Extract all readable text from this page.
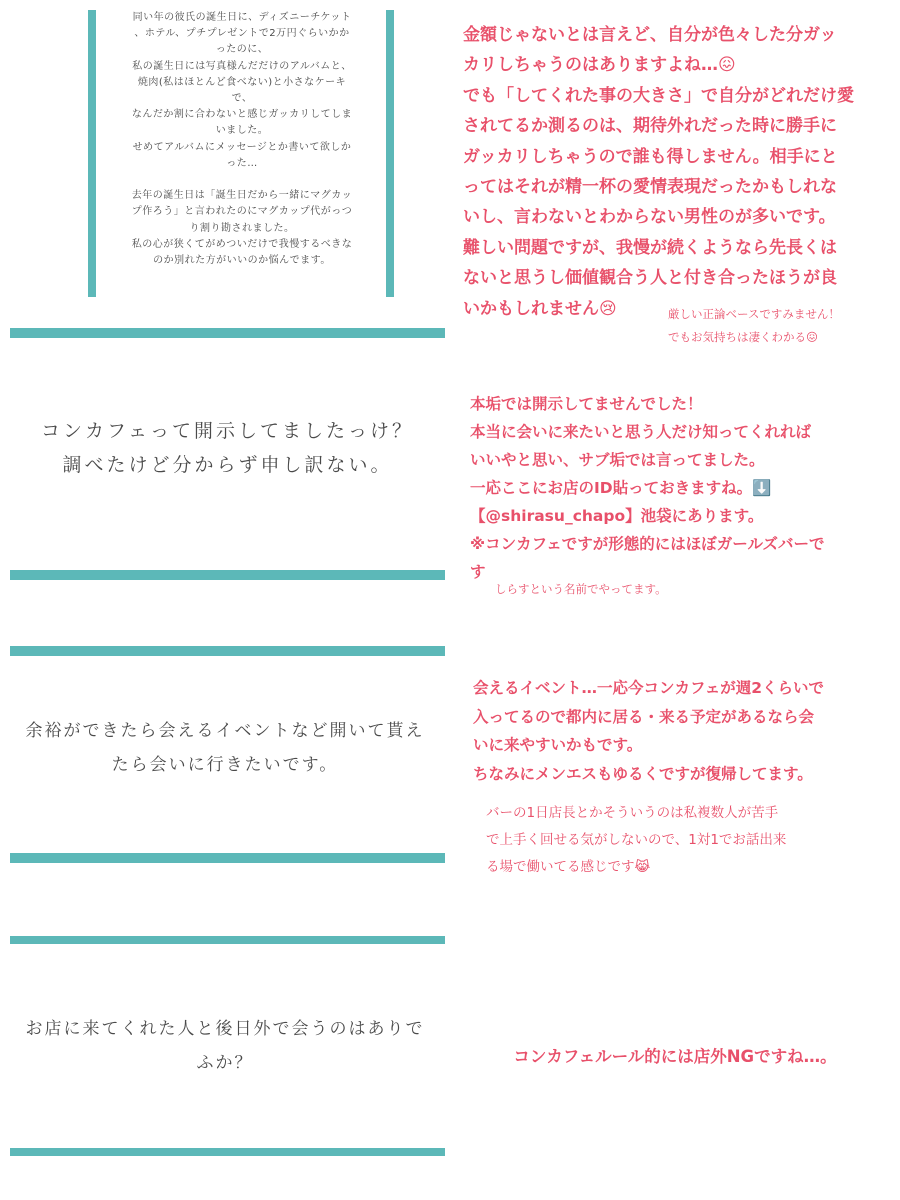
同い年の彼氏の誕生日に、ディズニーチケット
、ホテル、プチプレゼントで2万円ぐらいかか
ったのに、
私の誕生日には写真様んだだけのアルバムと、
焼肉(私はほとんど食べない)と小さなケーキ
で、
なんだか割に合わないと感じガッカリしてしま
いました。
せめてアルバムにメッセージとか書いて欲しか
った…

去年の誕生日は「誕生日だから一緒にマグカッ
プ作ろう」と言われたのにマグカップ代がっつ
り割り勘されました。
私の心が狭くてがめついだけで我慢するべきな
のか別れた方がいいのか悩んでます。
金額じゃないとは言えど、自分が色々した分ガッ
カリしちゃうのはありますよね…😖
でも「してくれた事の大きさ」で自分がどれだけ愛
されてるか測るのは、期待外れだった時に勝手に
ガッカリしちゃうので誰も得しません。相手にと
ってはそれが精一杯の愛情表現だったかもしれな
いし、言わないとわからない男性のが多いです。
難しい問題ですが、我慢が続くようなら先長くは
ないと思うし価値観合う人と付き合ったほうが良
いかもしれません😢	厳しい正論ベースですみません！
でもお気持ちは凄くわかる😖
コンカフェって開示してましたっけ？
調べたけど分からず申し訳ない。
本垢では開示してませんでした！
本当に会いに来たいと思う人だけ知ってくれれば
いいやと思い、サブ垢では言ってました。
一応ここにお店のID貼っておきますね。⬇️
【@shirasu_chapo】池袋にあります。
※コンカフェですが形態的にはほぼガールズバーで
す
しらすという名前でやってます。
余裕ができたら会えるイベントなど開いて貰え
たら会いに行きたいです。
会えるイベント…一応今コンカフェが週2くらいで
入ってるので都内に居る・来る予定があるなら会
いに来やすいかもです。
ちなみにメンエスもゆるくですが復帰してます。
バーの1日店長とかそういうのは私複数人が苦手
で上手く回せる気がしないので、1対1でお話出来
る場で働いてる感じです😹
お店に来てくれた人と後日外で会うのはありで
ふか？	コンカフェルール的には店外NGですね…。
